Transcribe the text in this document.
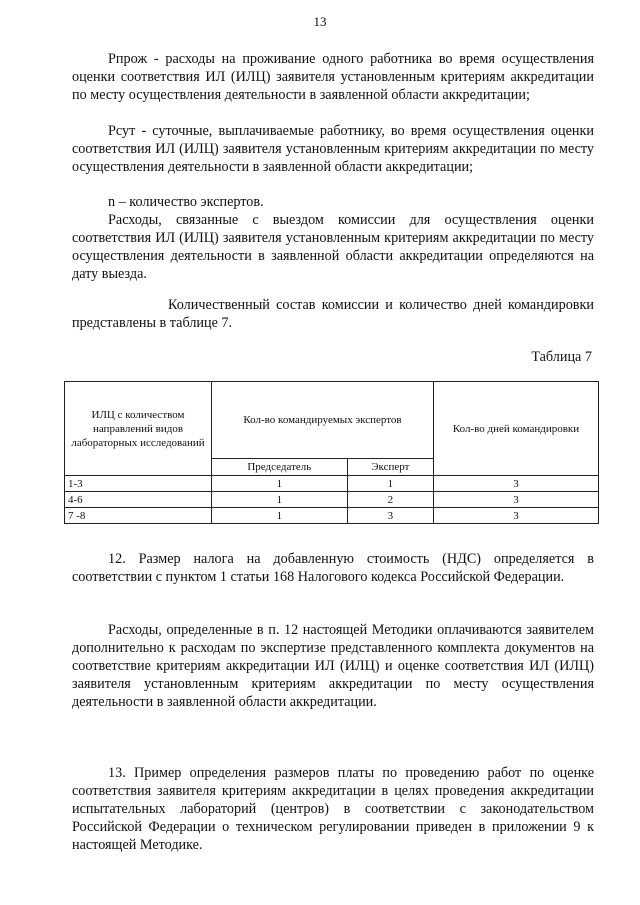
13

Рпрож - расходы на проживание одного работника во время осуществления оценки соответствия ИЛ (ИЛЦ) заявителя установленным критериям аккредитации по месту осуществления деятельности в заявленной области аккредитации;

Рсут - суточные, выплачиваемые работнику, во время осуществления оценки соответствия ИЛ (ИЛЦ) заявителя установленным критериям аккредитации по месту осуществления деятельности в заявленной области аккредитации;

n – количество экспертов.

Расходы, связанные с выездом комиссии для осуществления оценки соответствия ИЛ (ИЛЦ) заявителя установленным критериям аккредитации по месту осуществления деятельности в заявленной области аккредитации определяются на дату выезда.

Количественный состав комиссии и количество дней командировки представлены в таблице 7.

Таблица 7
ИЛЦ с количеством направлений видов лабораторных исследований	Кол-во командируемых экспертов		Кол-во дней командировки
	Председатель	Эксперт	
1-3	1	1	3
4-6	1	2	3
7 -8	1	3	3

12. Размер налога на добавленную стоимость (НДС) определяется в соответствии с пунктом 1 статьи 168 Налогового кодекса Российской Федерации.

Расходы, определенные в п. 12 настоящей Методики оплачиваются заявителем дополнительно к расходам по экспертизе представленного комплекта документов на соответствие критериям аккредитации ИЛ (ИЛЦ) и оценке соответствия ИЛ (ИЛЦ) заявителя установленным критериям аккредитации по месту осуществления деятельности в заявленной области аккредитации.

13. Пример определения размеров платы по проведению работ по оценке соответствия заявителя критериям аккредитации в целях проведения аккредитации испытательных лабораторий (центров) в соответствии с законодательством Российской Федерации о техническом регулировании приведен в приложении 9 к настоящей Методике.
